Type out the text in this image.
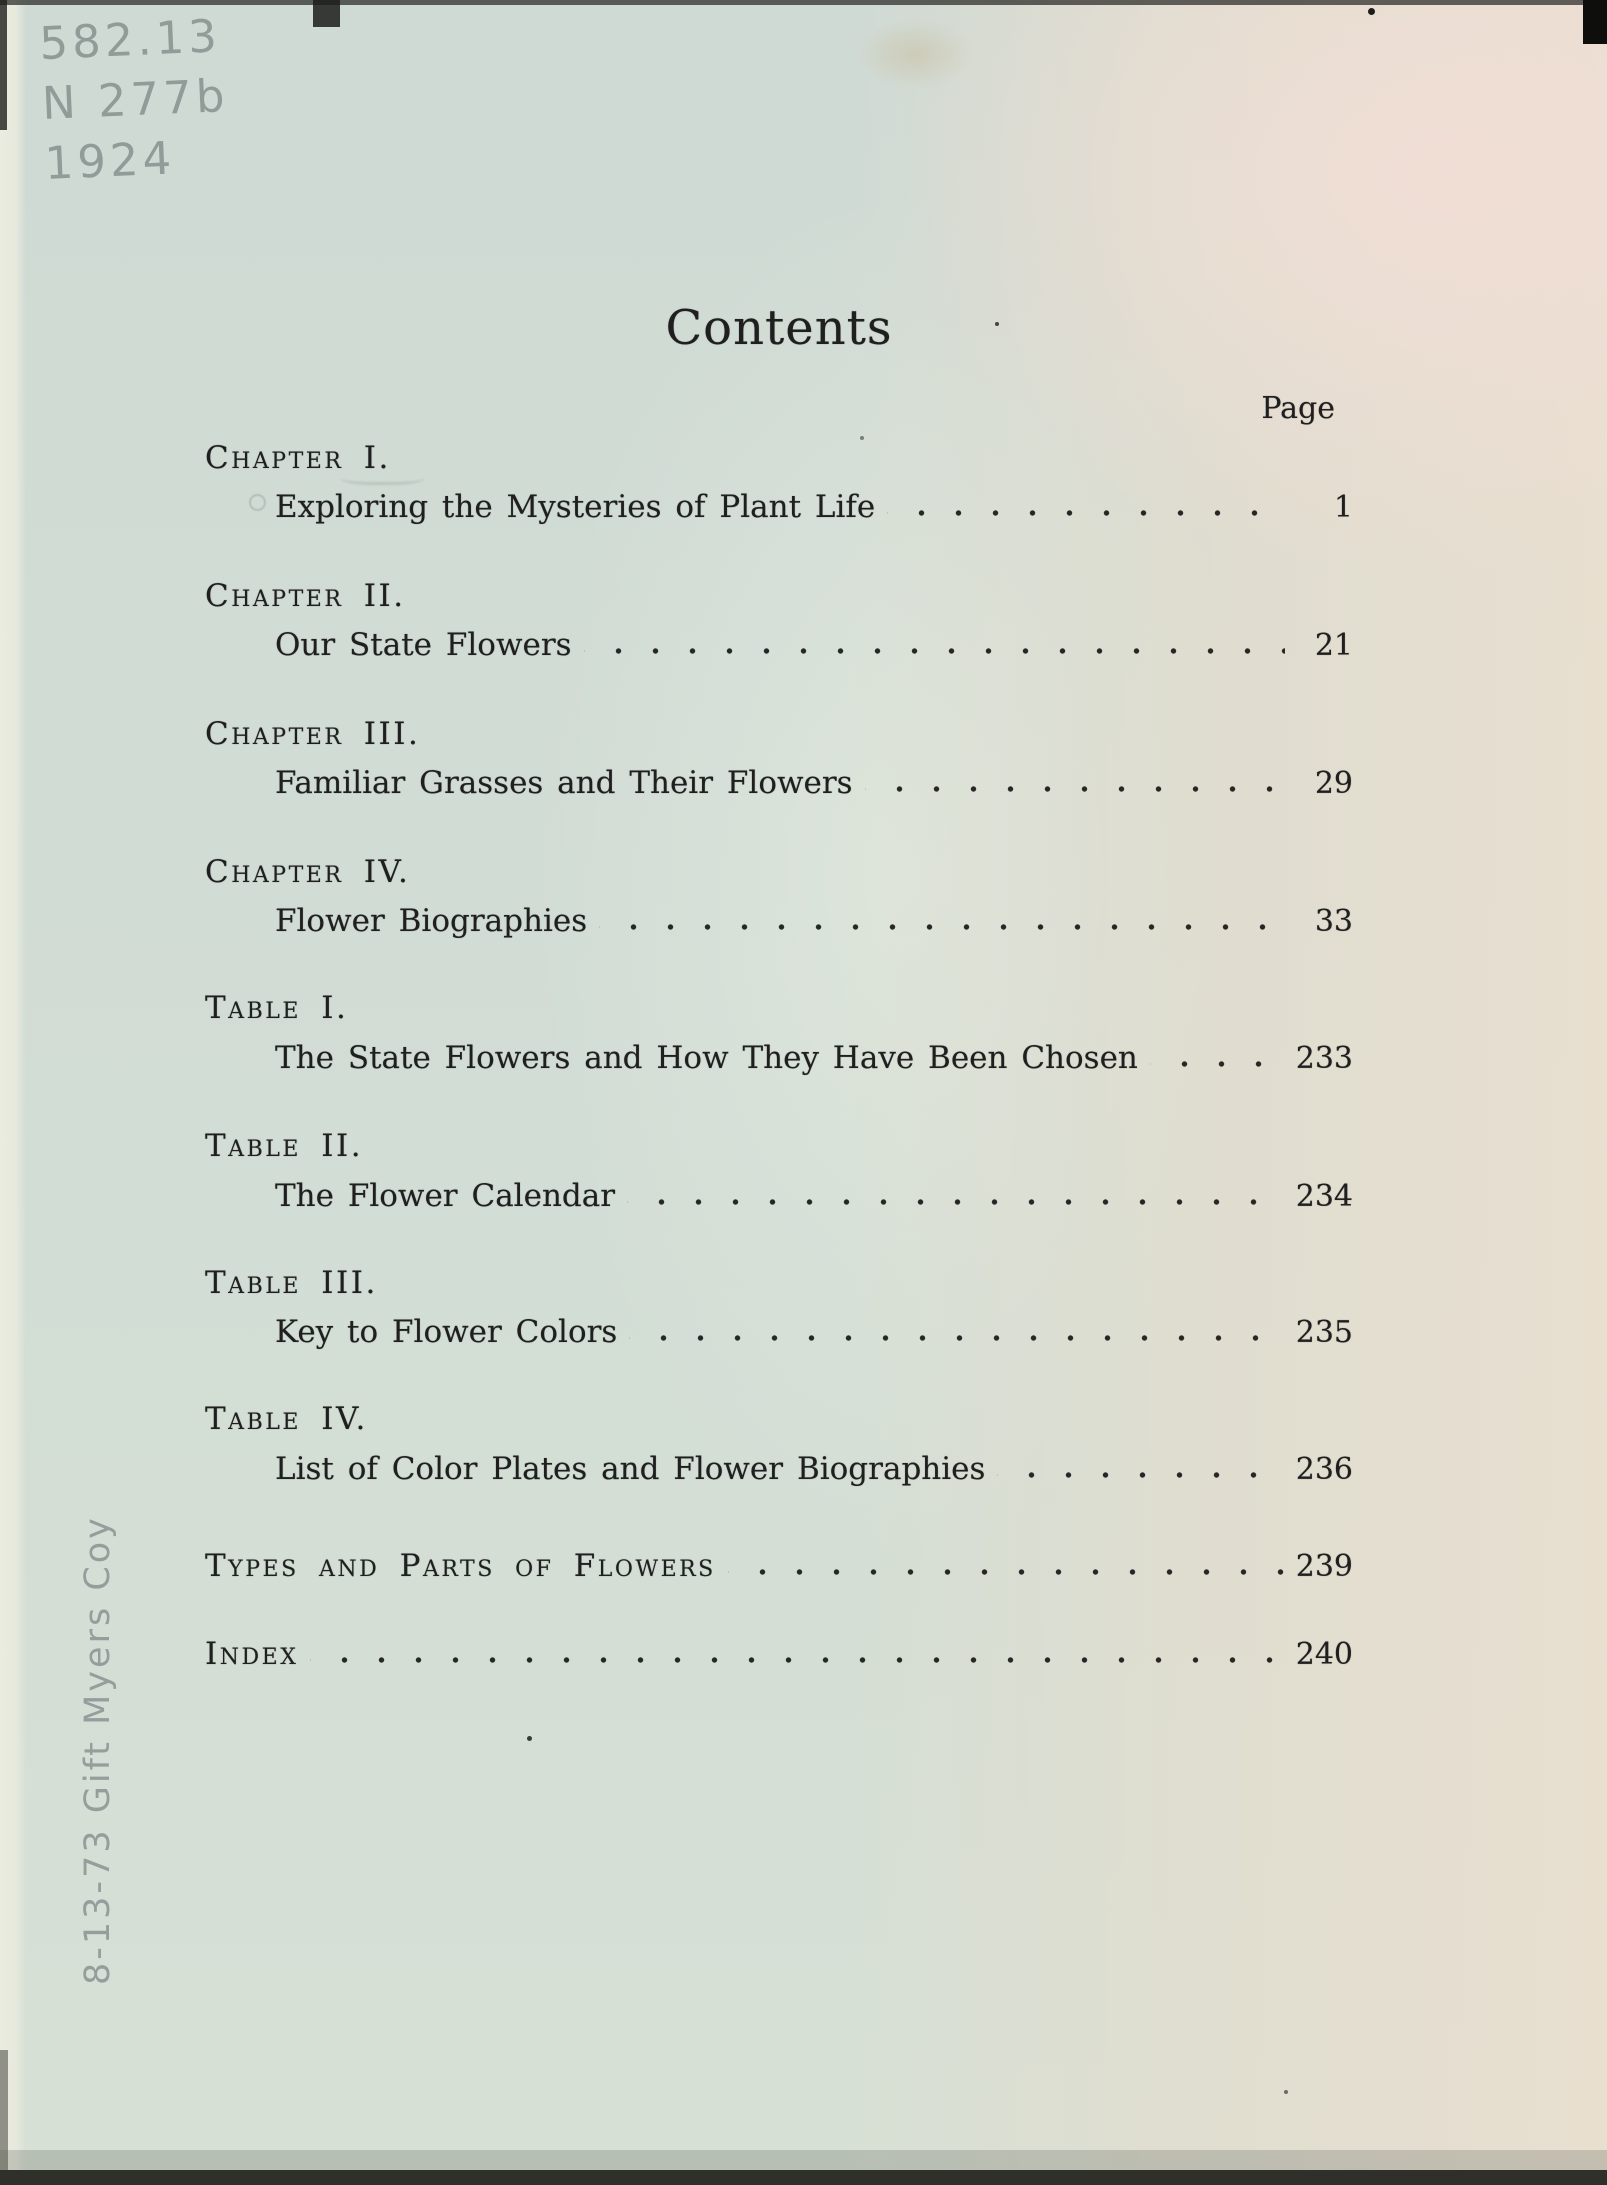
582.13
N 277b
1924
8-13-73 Gift Myers Coy
Contents
Page
Chapter I.
Exploring the Mysteries of Plant Life	1
Chapter II.
Our State Flowers	21
Chapter III.
Familiar Grasses and Their Flowers	29
Chapter IV.
Flower Biographies	33
Table I.
The State Flowers and How They Have Been Chosen	233
Table II.
The Flower Calendar	234
Table III.
Key to Flower Colors	235
Table IV.
List of Color Plates and Flower Biographies	236
Types and Parts of Flowers	239
Index	240
